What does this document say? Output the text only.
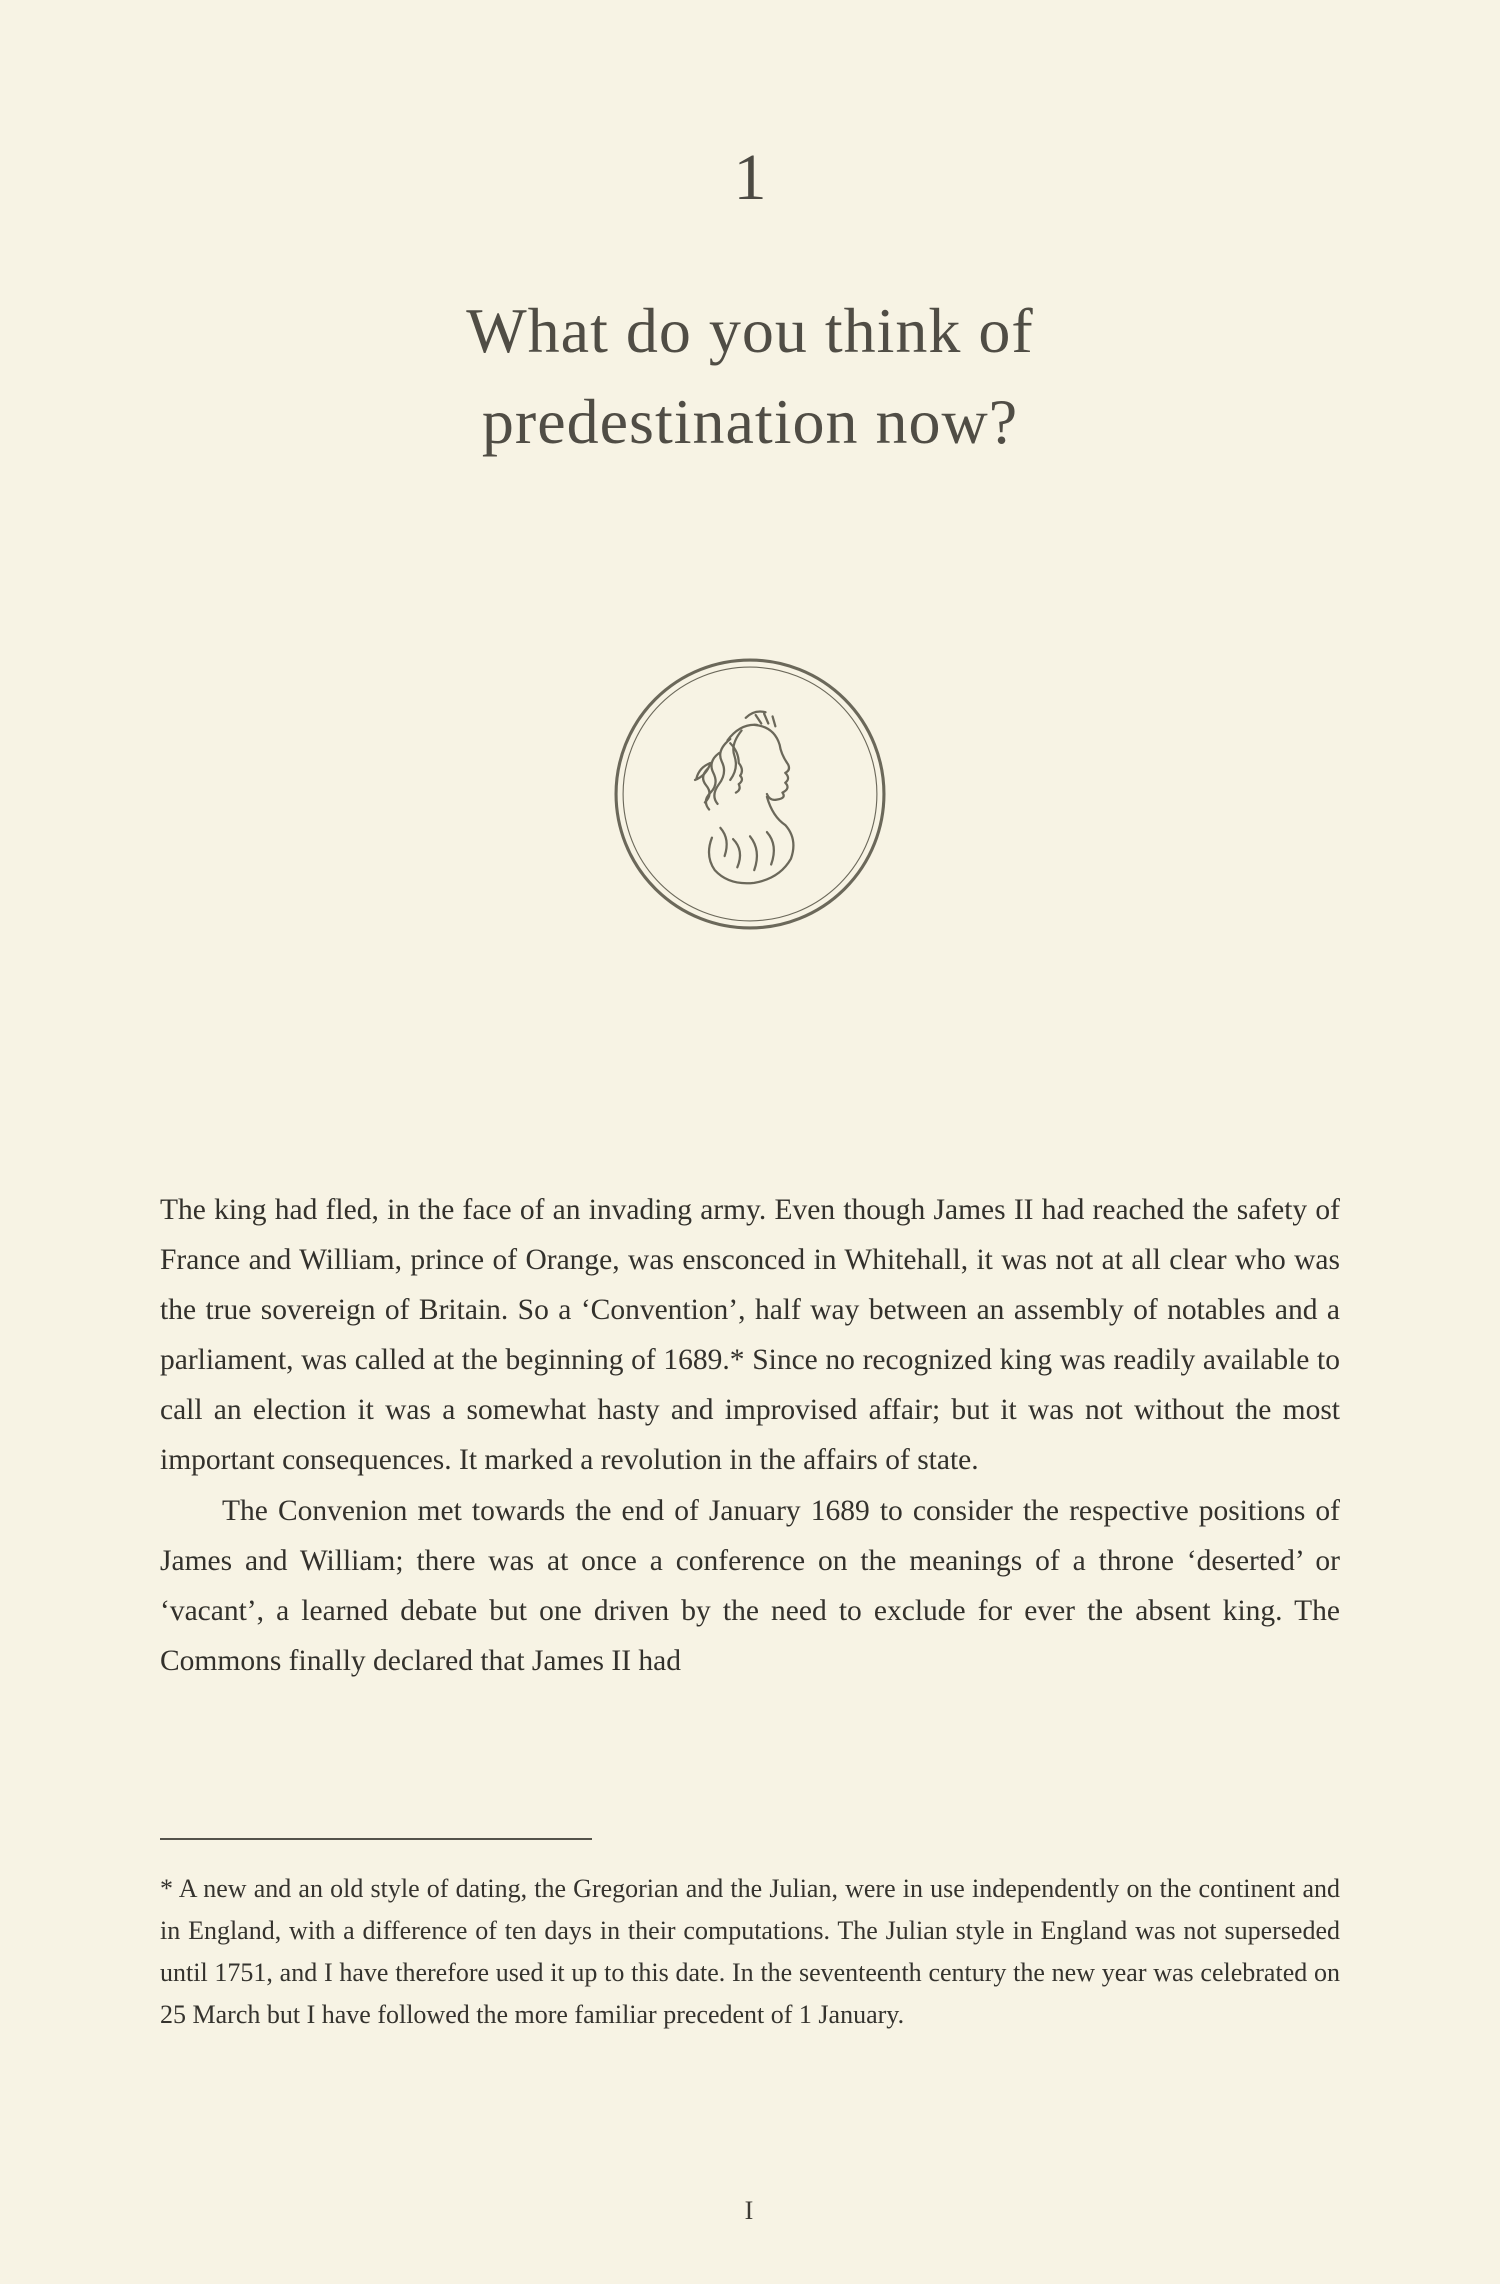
1
What do you think of predestination now?

The king had fled, in the face of an invading army. Even though James II had reached the safety of France and William, prince of Orange, was ensconced in Whitehall, it was not at all clear who was the true sovereign of Britain. So a ‘Convention’, half way between an assembly of notables and a parliament, was called at the beginning of 1689.* Since no recognized king was readily available to call an election it was a somewhat hasty and improvised affair; but it was not without the most important consequences. It marked a revolution in the affairs of state.

The Convenion met towards the end of January 1689 to consider the respective positions of James and William; there was at once a conference on the meanings of a throne ‘deserted’ or ‘vacant’, a learned debate but one driven by the need to exclude for ever the absent king. The Commons finally declared that James II had

* A new and an old style of dating, the Gregorian and the Julian, were in use independently on the continent and in England, with a difference of ten days in their computations. The Julian style in England was not superseded until 1751, and I have therefore used it up to this date. In the seventeenth century the new year was celebrated on 25 March but I have followed the more familiar precedent of 1 January.

I
